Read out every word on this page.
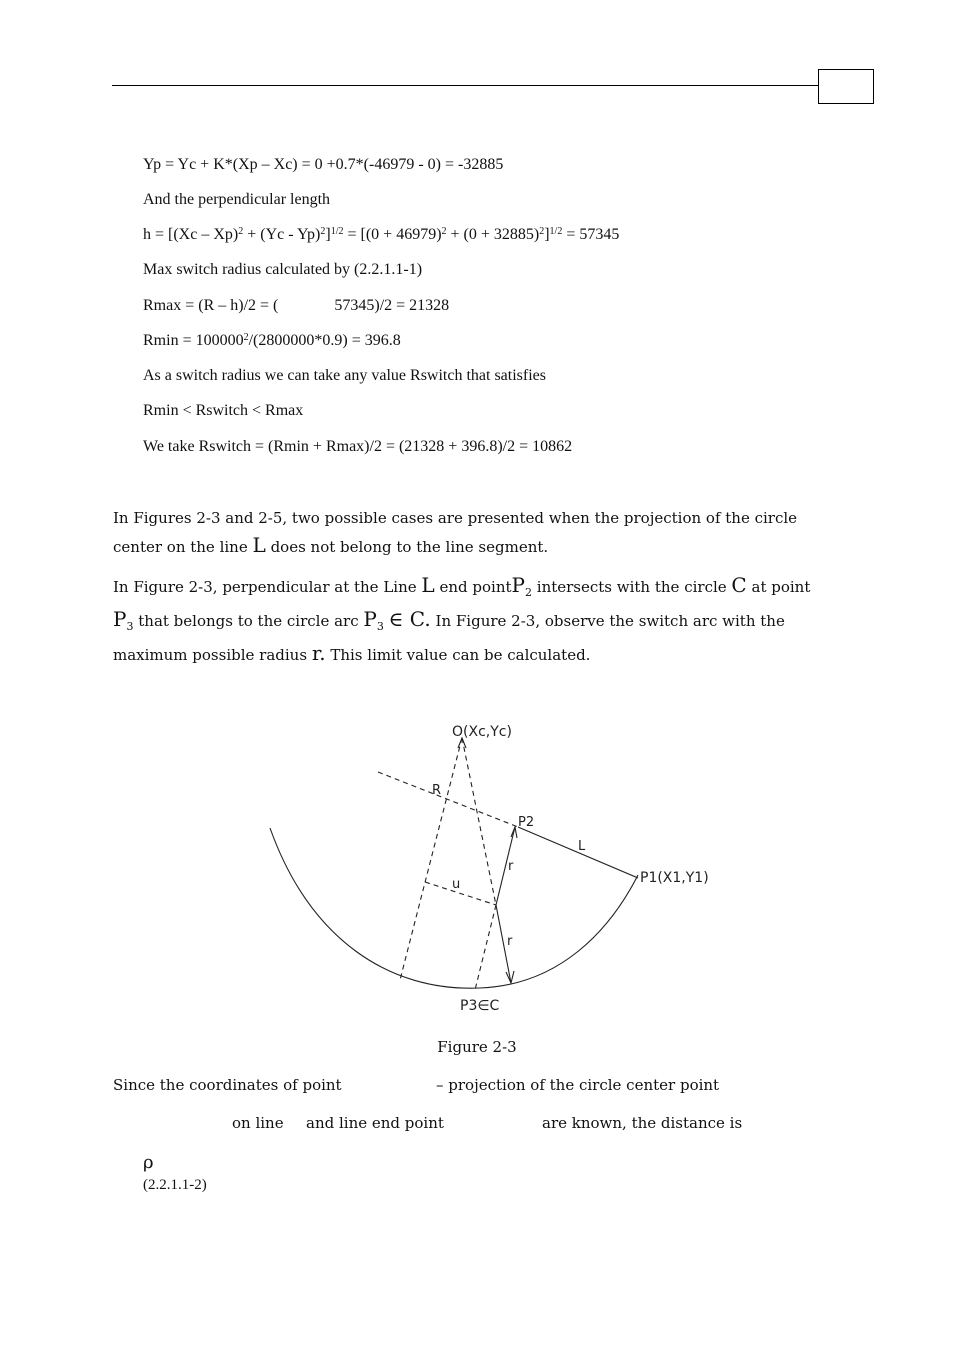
Yp = Yc + K*(Xp – Xc) = 0 +0.7*(-46979 - 0) = -32885
And the perpendicular length
$h = [(Xc - Xp)^2 + (Yc - Yp)^2]^{1/2} = [(0 + 46979)^2 + (0 + 32885)^2]^{1/2} = 57345$
Max switch radius calculated by (2.2.1.1-1)
Rmax = (R – h)/2 = (              57345)/2 = 21328
$Rmin = 100000^2/(2800000*0.9) = 396.8$
As a switch radius we can take any value Rswitch that satisfies
Rmin < Rswitch < Rmax
We take Rswitch = (Rmin + Rmax)/2 = (21328 + 396.8)/2 = 10862
In Figures 2-3 and 2-5, two possible cases are presented when the projection of the circle center on the line L does not belong to the line segment.
In Figure 2-3, perpendicular at the Line L end pointP$_2$ intersects with the circle C at point $P_3$ that belongs to the circle arc $P_3$ ∈ C. In Figure 2-3, observe the switch arc with the maximum possible radius r. This limit value can be calculated.
O(Xc,Yc)
R
P2
L
P1(X1,Y1)
u
r
r
P3∈C
Figure 2-3
Since the coordinates of point	– projection of the circle center point
on line and line end point	are known, the distance is
ρ
(2.2.1.1-2)
